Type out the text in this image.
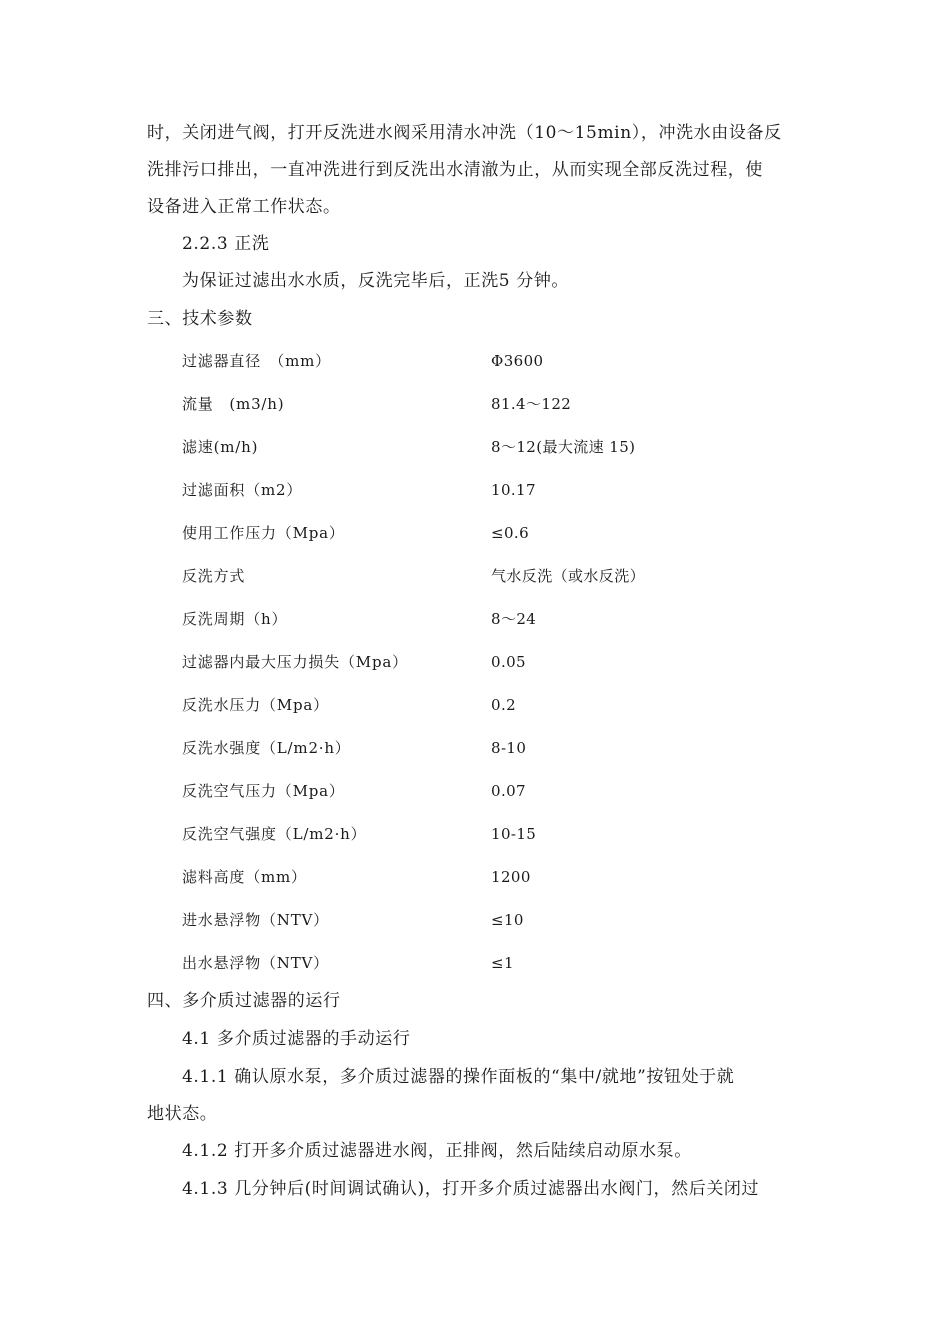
时，关闭进气阀，打开反洗进水阀采用清水冲洗（10～15min），冲洗水由设备反
洗排污口排出，一直冲洗进行到反洗出水清澈为止，从而实现全部反洗过程，使
设备进入正常工作状态。
2.2.3 正洗
为保证过滤出水水质，反洗完毕后，正洗5 分钟。
三、技术参数
过滤器直径　（mm）	Φ3600
流量　(m3/h)	81.4～122
滤速(m/h)	8～12(最大流速 15)
过滤面积（m2）	10.17
使用工作压力（Mpa）	≤0.6
反洗方式	气水反洗（或水反洗）
反洗周期（h）	8～24
过滤器内最大压力损失（Mpa）	0.05
反洗水压力（Mpa）	0.2
反洗水强度（L/m2·h）	8-10
反洗空气压力（Mpa）	0.07
反洗空气强度（L/m2·h）	10-15
滤料高度（mm）	1200
进水悬浮物（NTV）	≤10
出水悬浮物（NTV）	≤1
四、多介质过滤器的运行
4.1 多介质过滤器的手动运行
4.1.1 确认原水泵，多介质过滤器的操作面板的“集中/就地”按钮处于就
地状态。
4.1.2 打开多介质过滤器进水阀，正排阀，然后陆续启动原水泵。
4.1.3 几分钟后(时间调试确认)，打开多介质过滤器出水阀门，然后关闭过
